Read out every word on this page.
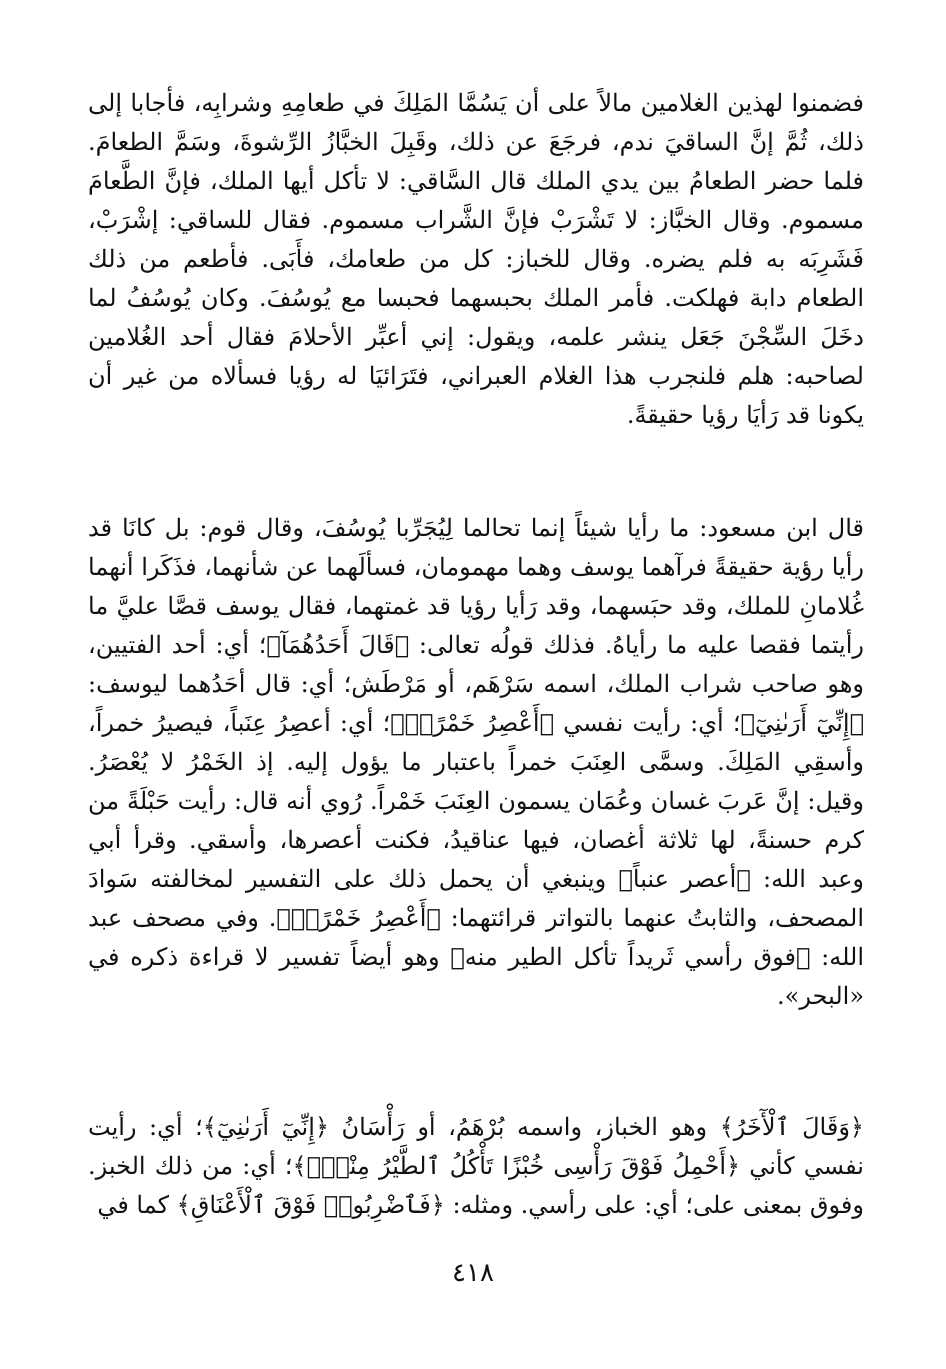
فضمنوا لهذين الغلامين مالاً على أن يَسُمَّا المَلِكَ في طعامِهِ وشرابِه، فأجابا إلى ذلك، ثُمَّ إنَّ الساقيَ ندم، فرجَعَ عن ذلك، وقَبِلَ الخبَّازُ الرِّشوةَ، وسَمَّ الطعامَ. فلما حضر الطعامُ بين يدي الملك قال السَّاقي: لا تأكل أيها الملك، فإنَّ الطَّعامَ مسموم. وقال الخبَّاز: لا تَشْرَبْ فإنَّ الشَّراب مسموم. فقال للساقي: إشْرَبْ، فَشَرِبَه به فلم يضره. وقال للخباز: كل من طعامك، فأَبَى. فأطعم من ذلك الطعام دابة فهلكت. فأمر الملك بحبسهما فحبسا مع يُوسُفَ. وكان يُوسُفُ لما دخَلَ السِّجْنَ جَعَل ينشر علمه، ويقول: إني أعبِّر الأحلامَ فقال أحد الغُلامين لصاحبه: هلم فلنجرب هذا الغلام العبراني، فتَرَائيَا له رؤيا فسألاه من غير أن يكونا قد رَأيَا رؤيا حقيقةً.

قال ابن مسعود: ما رأيا شيئاً إنما تحالما لِيُجَرِّبا يُوسُفَ، وقال قوم: بل كانَا قد رأيا رؤية حقيقةً فرآهما يوسف وهما مهمومان، فسألَهما عن شأنهما، فذَكَرا أنهما غُلامانِ للملك، وقد حبَسهما، وقد رَأيا رؤيا قد غمتهما، فقال يوسف قصَّا عليَّ ما رأيتما فقصا عليه ما رأياهُ. فذلك قولُه تعالى: ﴿قَالَ أَحَدُهُمَآ﴾؛ أي: أحد الفتيين، وهو صاحب شراب الملك، اسمه سَرْهَم، أو مَرْطَش؛ أي: قال أحَدُهما ليوسف: ﴿إِنِّيٓ أَرَىٰنِيٓ﴾؛ أي: رأيت نفسي ﴿أَعْصِرُ خَمْرًاۖ﴾؛ أي: أعصِرُ عِنَباً، فيصيرُ خمراً، وأسقِي المَلِكَ. وسمَّى العِنَبَ خمراً باعتبار ما يؤول إليه. إذ الخَمْرُ لا يُعْصَرُ. وقيل: إنَّ عَربَ غسان وعُمَان يسمون العِنَبَ خَمْراً. رُوي أنه قال: رأيت حَبْلَةً من كرم حسنةً، لها ثلاثة أغصان، فيها عناقيدُ، فكنت أعصرها، وأسقي. وقرأ أبي وعبد الله: ﴿أعصر عنباً﴾ وينبغي أن يحمل ذلك على التفسير لمخالفته سَوادَ المصحف، والثابتُ عنهما بالتواتر قرائتهما: ﴿أَعْصِرُ خَمْرًاۖ﴾. وفي مصحف عبد الله: ﴿فوق رأسي ثَريداً تأكل الطير منه﴾ وهو أيضاً تفسير لا قراءة ذكره في «البحر».

﴿وَقَالَ ٱلْأٓخَرُ﴾ وهو الخباز، واسمه بُرْهَمُ، أو رَأْسَانُ ﴿إِنِّيٓ أَرَىٰنِيٓ﴾؛ أي: رأيت نفسي كأني ﴿أَحْمِلُ فَوْقَ رَأْسِى خُبْزًا تَأْكُلُ ٱلطَّيْرُ مِنْهُۖ﴾؛ أي: من ذلك الخبز. وفوق بمعنى على؛ أي: على رأسي. ومثله: ﴿فَٱضْرِبُوا۟ فَوْقَ ٱلْأَعْنَاقِ﴾ كما في

٤١٨
